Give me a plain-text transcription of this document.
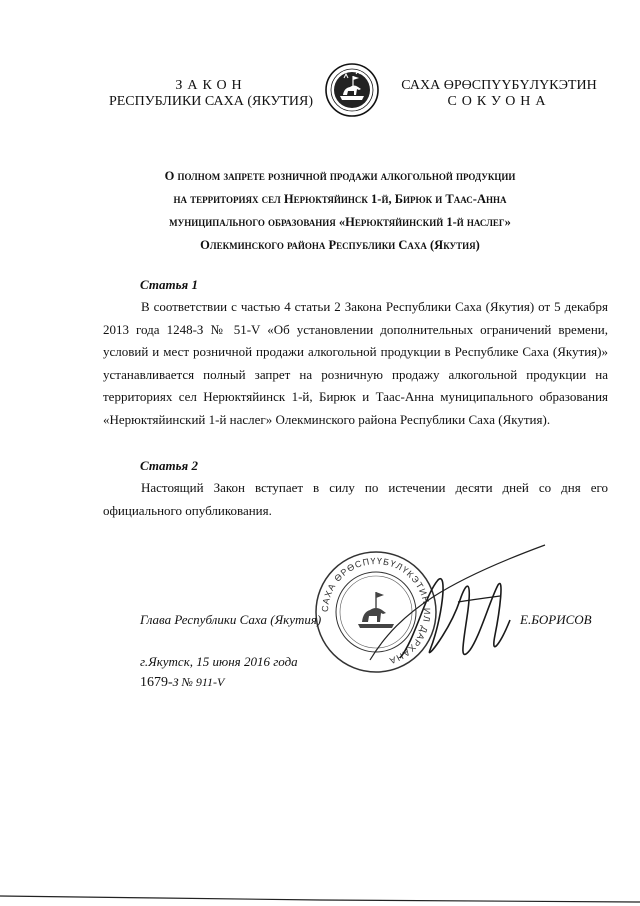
ЗАКОН
РЕСПУБЛИКИ САХА (ЯКУТИЯ)
САХА ӨРӨСПҮҮБҮЛҮКЭТИН
СОКУОНА
О полном запрете розничной продажи алкогольной продукции
на территориях сел Нерюктяйинск 1-й, Бирюк и Таас-Анна
муниципального образования «Нерюктяйинский 1-й наслег»
Олекминского района Республики Саха (Якутия)
Статья 1
В соответствии с частью 4 статьи 2 Закона Республики Саха (Якутия) от 5 декабря 2013 года 1248-З № 51-V «Об установлении дополнительных ограничений времени, условий и мест розничной продажи алкогольной продукции в Республике Саха (Якутия)» устанавливается полный запрет на розничную продажу алкогольной продукции на территориях сел Нерюктяйинск 1-й, Бирюк и Таас-Анна муниципального образования «Нерюктяйинский 1-й наслег» Олекминского района Республики Саха (Якутия).
Статья 2
Настоящий Закон вступает в силу по истечении десяти дней со дня его официального опубликования.
САХА ӨРӨСПҮҮБҮЛҮКЭТИН ИЛ ДАРХАНА
Глава Республики Саха (Якутия)	Е.БОРИСОВ
г.Якутск, 15 июня 2016 года
1679-З № 911-V
